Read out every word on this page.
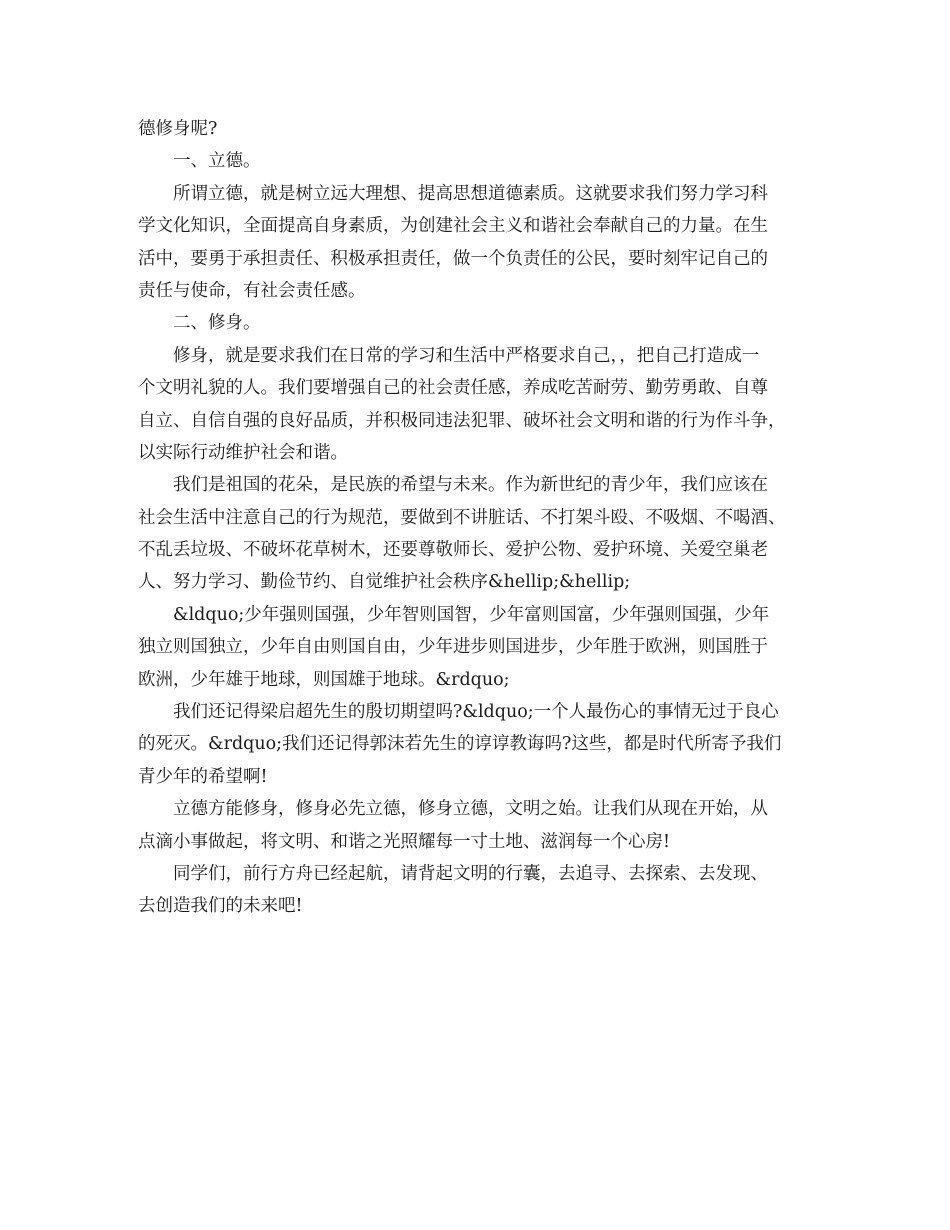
德修身呢?
一、立德。
所谓立德，就是树立远大理想、提高思想道德素质。这就要求我们努力学习科
学文化知识，全面提高自身素质，为创建社会主义和谐社会奉献自己的力量。在生
活中，要勇于承担责任、积极承担责任，做一个负责任的公民，要时刻牢记自己的
责任与使命，有社会责任感。
二、修身。
修身，就是要求我们在日常的学习和生活中严格要求自己，，把自己打造成一
个文明礼貌的人。我们要增强自己的社会责任感，养成吃苦耐劳、勤劳勇敢、自尊
自立、自信自强的良好品质，并积极同违法犯罪、破坏社会文明和谐的行为作斗争，
以实际行动维护社会和谐。
我们是祖国的花朵，是民族的希望与未来。作为新世纪的青少年，我们应该在
社会生活中注意自己的行为规范，要做到不讲脏话、不打架斗殴、不吸烟、不喝酒、
不乱丢垃圾、不破坏花草树木，还要尊敬师长、爱护公物、爱护环境、关爱空巢老
人、努力学习、勤俭节约、自觉维护社会秩序&hellip;&hellip;
&ldquo;少年强则国强，少年智则国智，少年富则国富，少年强则国强，少年
独立则国独立，少年自由则国自由，少年进步则国进步，少年胜于欧洲，则国胜于
欧洲，少年雄于地球，则国雄于地球。&rdquo;
我们还记得梁启超先生的殷切期望吗?&ldquo;一个人最伤心的事情无过于良心
的死灭。&rdquo;我们还记得郭沫若先生的谆谆教诲吗?这些，都是时代所寄予我们
青少年的希望啊!
立德方能修身，修身必先立德，修身立德，文明之始。让我们从现在开始，从
点滴小事做起，将文明、和谐之光照耀每一寸土地、滋润每一个心房!
同学们，前行方舟已经起航，请背起文明的行囊，去追寻、去探索、去发现、
去创造我们的未来吧!
